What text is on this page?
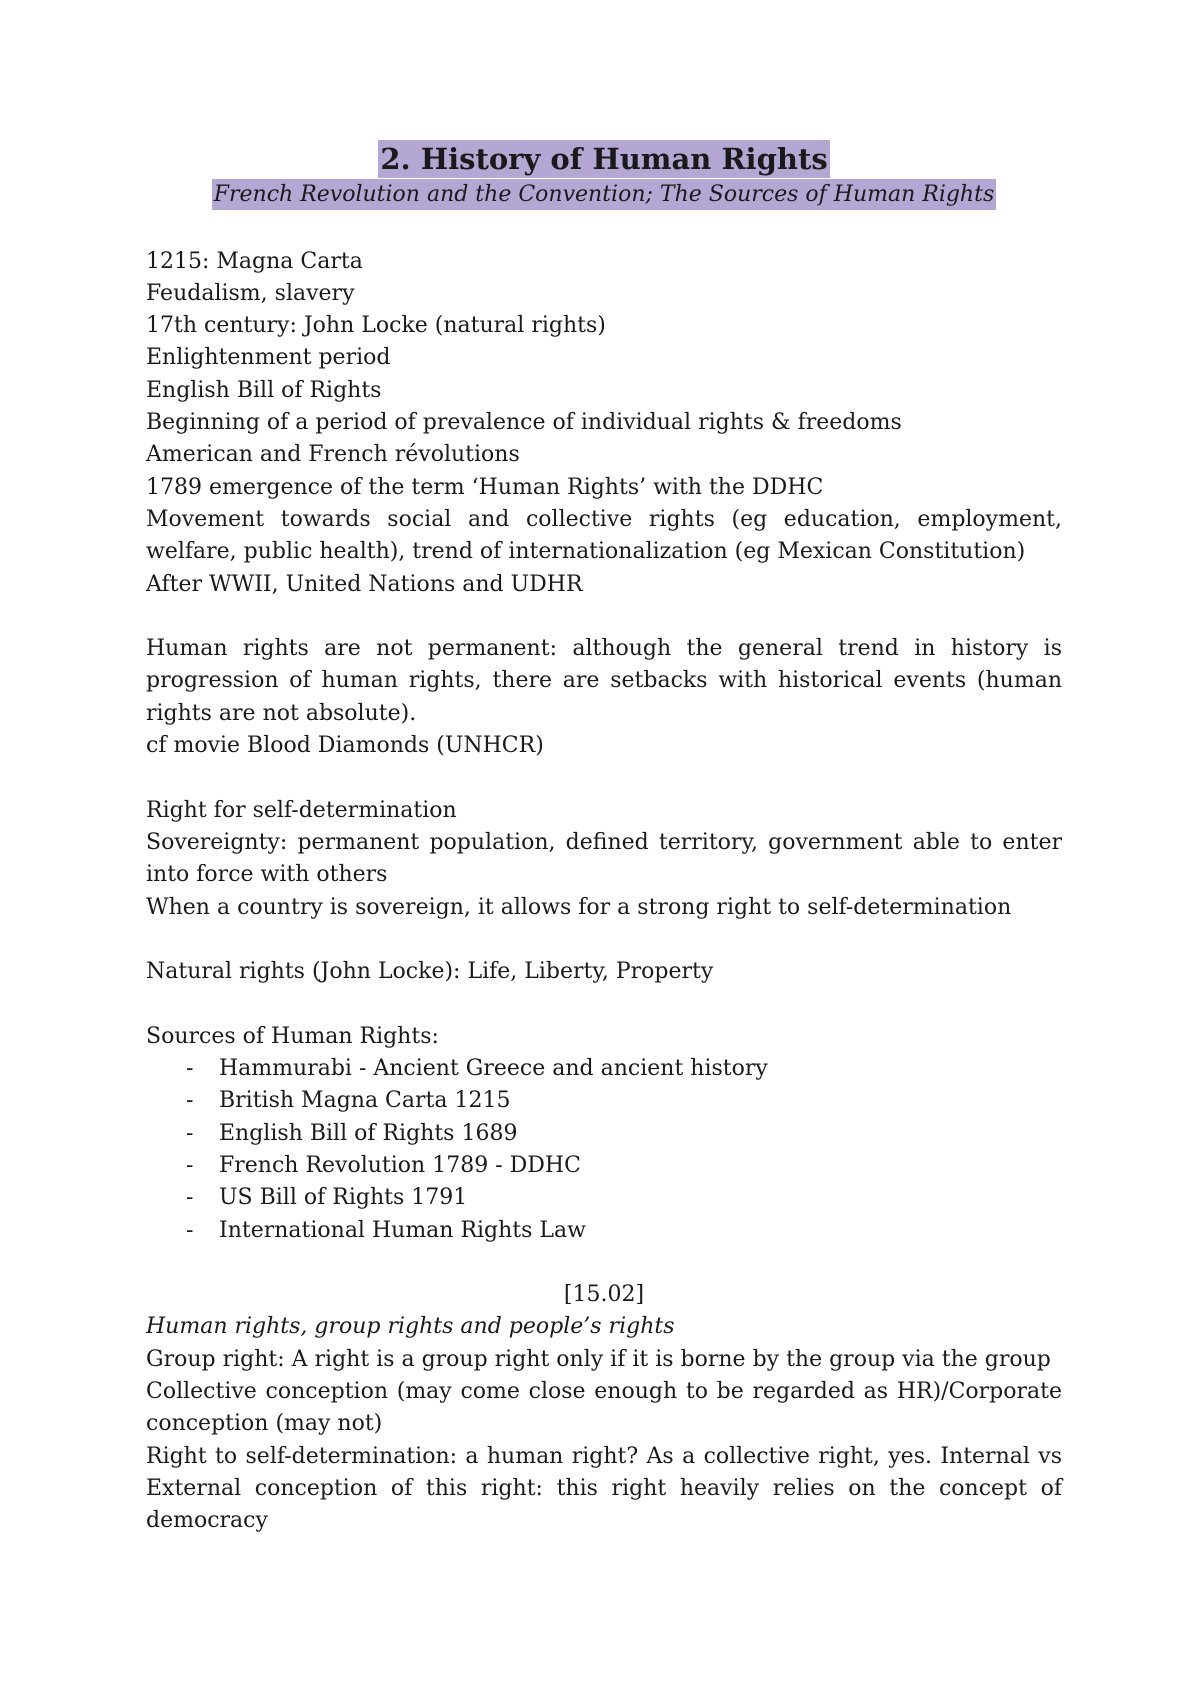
2. History of Human Rights
French Revolution and the Convention; The Sources of Human Rights
1215: Magna Carta
Feudalism, slavery
17th century: John Locke (natural rights)
Enlightenment period
English Bill of Rights
Beginning of a period of prevalence of individual rights & freedoms
American and French révolutions
1789 emergence of the term ‘Human Rights’ with the DDHC
Movement towards social and collective rights (eg education, employment, welfare, public health), trend of internationalization (eg Mexican Constitution)
After WWII, United Nations and UDHR
Human rights are not permanent: although the general trend in history is progression of human rights, there are setbacks with historical events (human rights are not absolute).
cf movie Blood Diamonds (UNHCR)
Right for self-determination
Sovereignty: permanent population, defined territory, government able to enter into force with others
When a country is sovereign, it allows for a strong right to self-determination
Natural rights (John Locke): Life, Liberty, Property
Sources of Human Rights:
- Hammurabi - Ancient Greece and ancient history
- British Magna Carta 1215
- English Bill of Rights 1689
- French Revolution 1789 - DDHC
- US Bill of Rights 1791
- International Human Rights Law
[15.02]
Human rights, group rights and people’s rights
Group right: A right is a group right only if it is borne by the group via the group
Collective conception (may come close enough to be regarded as HR)/Corporate conception (may not)
Right to self-determination: a human right? As a collective right, yes. Internal vs External conception of this right: this right heavily relies on the concept of democracy
